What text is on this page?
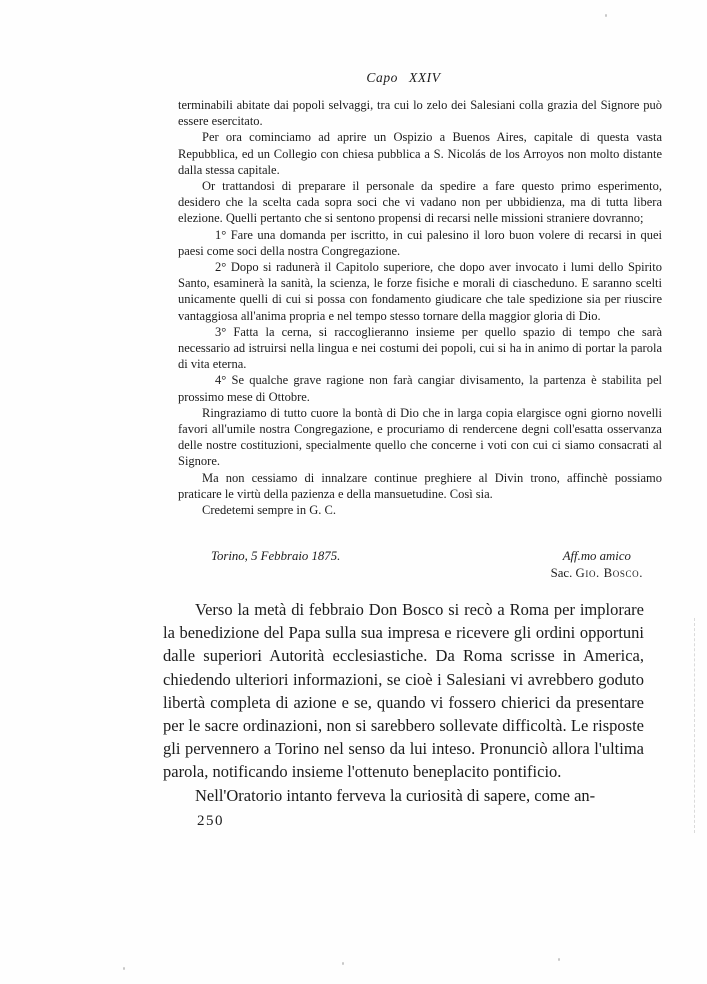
Capo XXIV

terminabili abitate dai popoli selvaggi, tra cui lo zelo dei Salesiani colla grazia del Signore può essere esercitato.

Per ora cominciamo ad aprire un Ospizio a Buenos Aires, capitale di questa vasta Repubblica, ed un Collegio con chiesa pubblica a S. Nicolás de los Arroyos non molto distante dalla stessa capitale.

Or trattandosi di preparare il personale da spedire a fare questo primo esperimento, desidero che la scelta cada sopra soci che vi vadano non per ubbidienza, ma di tutta libera elezione. Quelli pertanto che si sentono propensi di recarsi nelle missioni straniere dovranno;

1° Fare una domanda per iscritto, in cui palesino il loro buon volere di recarsi in quei paesi come soci della nostra Congregazione.

2° Dopo si radunerà il Capitolo superiore, che dopo aver invocato i lumi dello Spirito Santo, esaminerà la sanità, la scienza, le forze fisiche e morali di ciascheduno. E saranno scelti unicamente quelli di cui si possa con fondamento giudicare che tale spedizione sia per riuscire vantaggiosa all'anima propria e nel tempo stesso tornare della maggior gloria di Dio.

3° Fatta la cerna, si raccoglieranno insieme per quello spazio di tempo che sarà necessario ad istruirsi nella lingua e nei costumi dei popoli, cui si ha in animo di portar la parola di vita eterna.

4° Se qualche grave ragione non farà cangiar divisamento, la partenza è stabilita pel prossimo mese di Ottobre.

Ringraziamo di tutto cuore la bontà di Dio che in larga copia elargisce ogni giorno novelli favori all'umile nostra Congregazione, e procuriamo di rendercene degni coll'esatta osservanza delle nostre costituzioni, specialmente quello che concerne i voti con cui ci siamo consacrati al Signore.

Ma non cessiamo di innalzare continue preghiere al Divin trono, affinchè possiamo praticare le virtù della pazienza e della mansuetudine. Così sia.

Credetemi sempre in G. C.

Torino, 5 Febbraio 1875.	Aff.mo amico
Sac. Gio. Bosco.

Verso la metà di febbraio Don Bosco si recò a Roma per implorare la benedizione del Papa sulla sua impresa e ricevere gli ordini opportuni dalle superiori Autorità ecclesiastiche. Da Roma scrisse in America, chiedendo ulteriori informazioni, se cioè i Salesiani vi avrebbero goduto libertà completa di azione e se, quando vi fossero chierici da presentare per le sacre ordinazioni, non si sarebbero sollevate difficoltà. Le risposte gli pervennero a Torino nel senso da lui inteso. Pronunciò allora l'ultima parola, notificando insieme l'ottenuto beneplacito pontificio.

Nell'Oratorio intanto ferveva la curiosità di sapere, come an-

250
